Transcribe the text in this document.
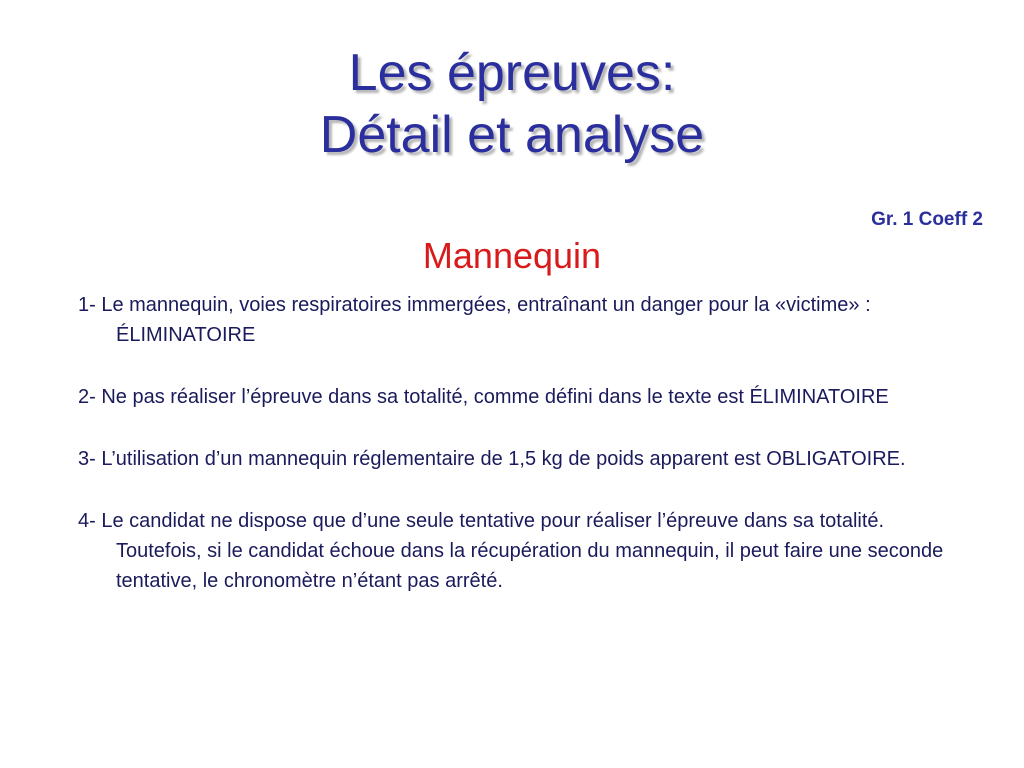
Les épreuves:
Détail et analyse
Gr. 1 Coeff 2
Mannequin
1- Le mannequin, voies respiratoires immergées, entraînant un danger pour la «victime» : ÉLIMINATOIRE
2- Ne pas réaliser l’épreuve dans sa totalité, comme défini dans le texte est ÉLIMINATOIRE
3- L’utilisation d’un mannequin réglementaire de 1,5 kg de poids apparent est OBLIGATOIRE.
4- Le candidat ne dispose que d’une seule tentative pour réaliser l’épreuve dans sa totalité. Toutefois, si le candidat échoue dans la récupération du mannequin, il peut faire une seconde tentative, le chronomètre n’étant pas arrêté.
